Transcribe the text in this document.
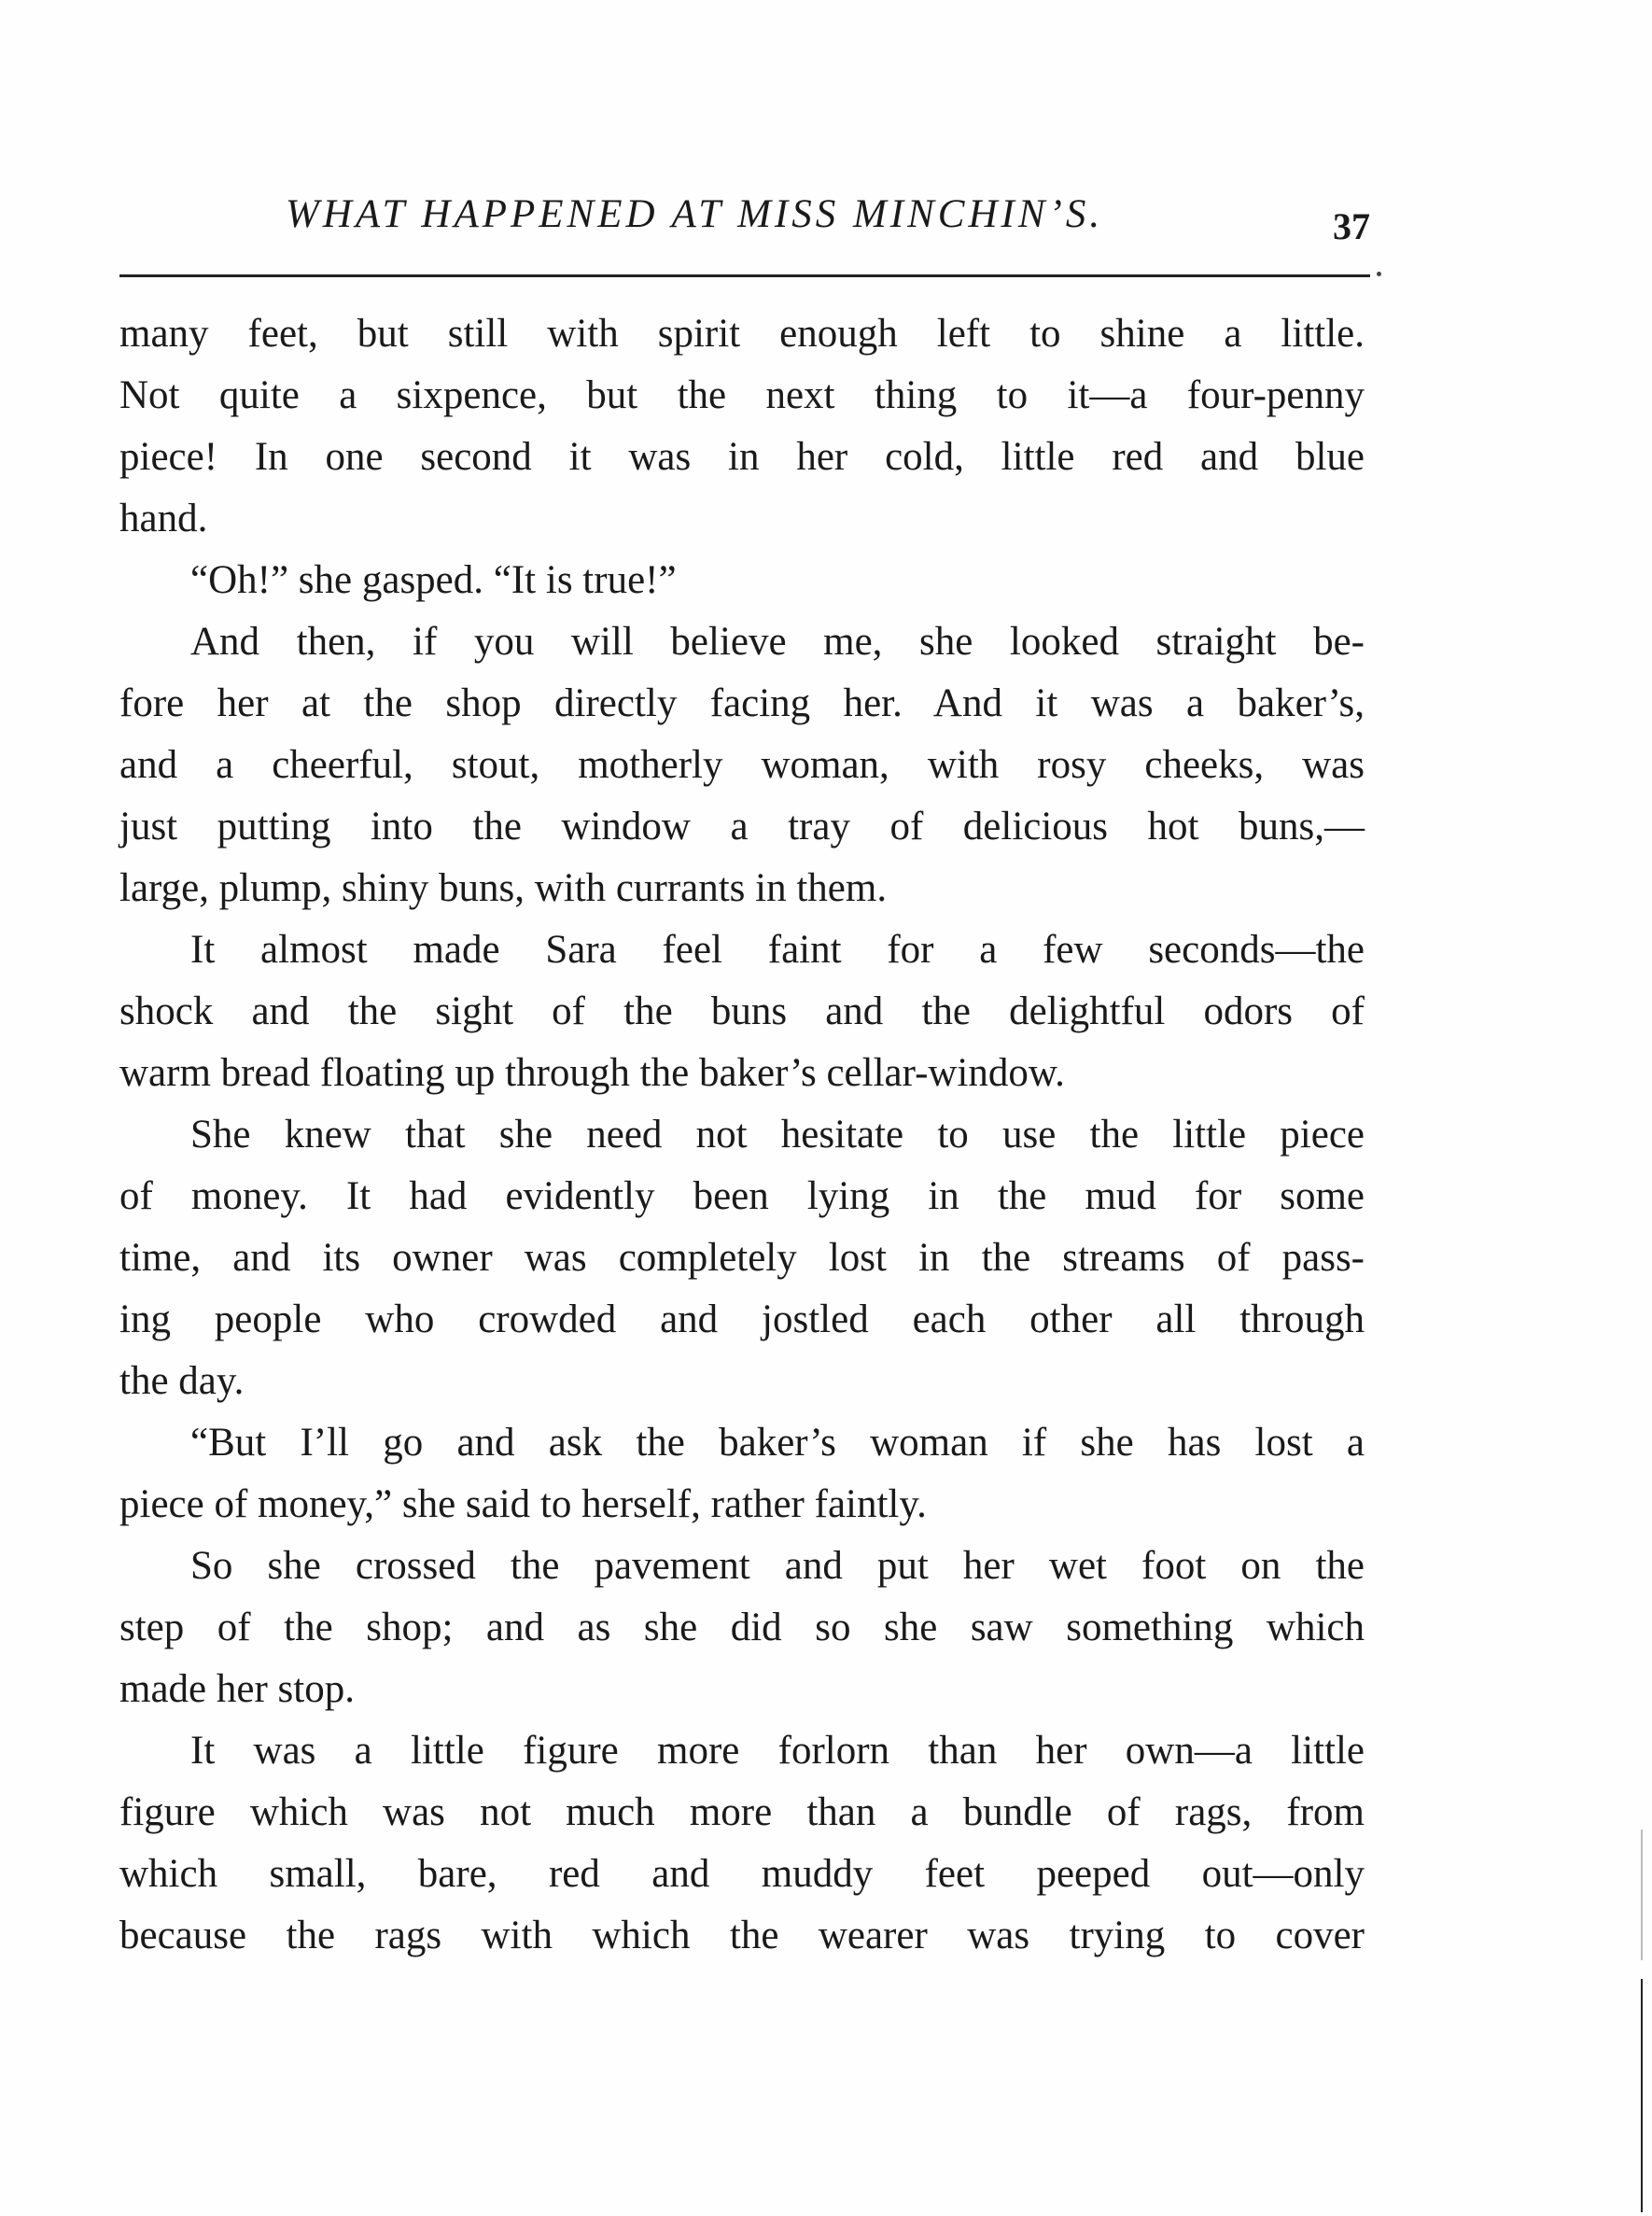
WHAT HAPPENED AT MISS MINCHIN’S.	37
many feet, but still with spirit enough left to shine a little.
Not quite a sixpence, but the next thing to it—a four-penny
piece! In one second it was in her cold, little red and blue
hand.
“Oh!” she gasped. “It is true!”
And then, if you will believe me, she looked straight be-
fore her at the shop directly facing her. And it was a baker’s,
and a cheerful, stout, motherly woman, with rosy cheeks, was
just putting into the window a tray of delicious hot buns,—
large, plump, shiny buns, with currants in them.
It almost made Sara feel faint for a few seconds—the
shock and the sight of the buns and the delightful odors of
warm bread floating up through the baker’s cellar-window.
She knew that she need not hesitate to use the little piece
of money. It had evidently been lying in the mud for some
time, and its owner was completely lost in the streams of pass-
ing people who crowded and jostled each other all through
the day.
“But I’ll go and ask the baker’s woman if she has lost a
piece of money,” she said to herself, rather faintly.
So she crossed the pavement and put her wet foot on the
step of the shop; and as she did so she saw something which
made her stop.
It was a little figure more forlorn than her own—a little
figure which was not much more than a bundle of rags, from
which small, bare, red and muddy feet peeped out—only
because the rags with which the wearer was trying to cover
